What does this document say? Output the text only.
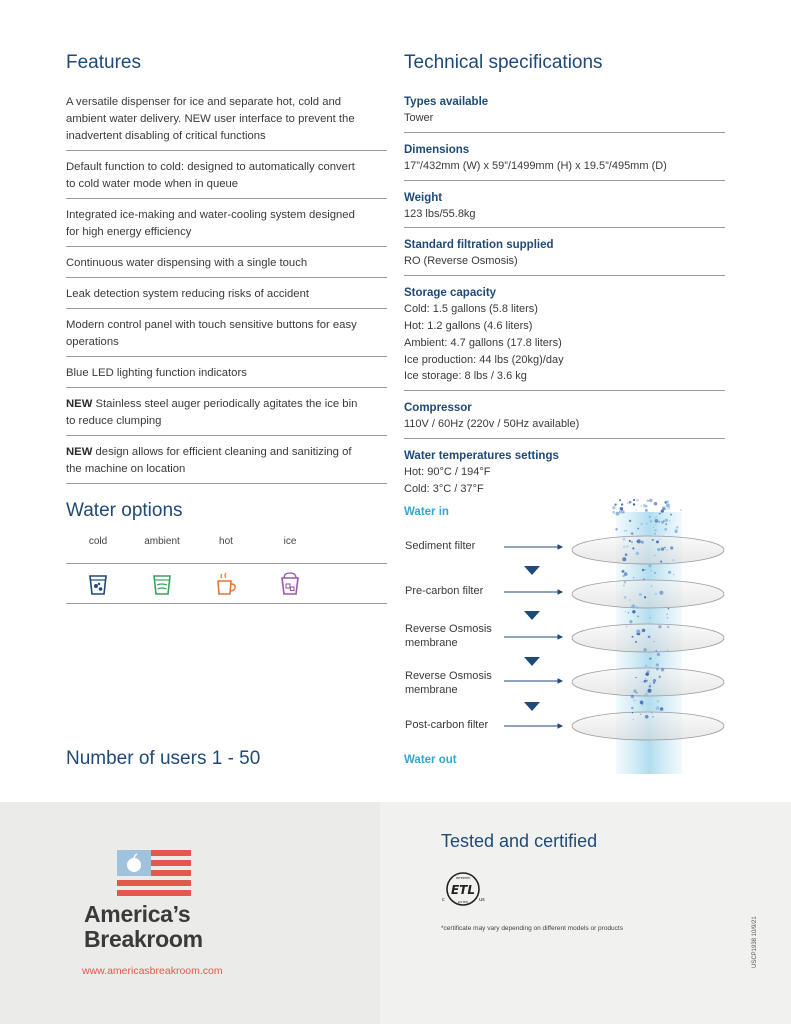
Features
A versatile dispenser for ice and separate hot, cold and ambient water delivery. NEW user interface to prevent the inadvertent disabling of critical functions
Default function to cold: designed to automatically convert to cold water mode when in queue
Integrated ice-making and water-cooling system designed for high energy efficiency
Continuous water dispensing with a single touch
Leak detection system reducing risks of accident
Modern control panel with touch sensitive buttons for easy operations
Blue LED lighting function indicators
NEW Stainless steel auger periodically agitates the ice bin to reduce clumping
NEW design allows for efficient cleaning and sanitizing of the machine on location
Water options
cold	ambient	hot	ice
Number of users 1 - 50
Technical specifications
Types available
Tower
Dimensions
17”/432mm (W) x 59”/1499mm (H) x 19.5”/495mm (D)
Weight
123 lbs/55.8kg
Standard filtration supplied
RO (Reverse Osmosis)
Storage capacity
Cold: 1.5 gallons (5.8 liters)
Hot: 1.2 gallons (4.6 liters)
Ambient: 4.7 gallons (17.8 liters)
Ice production: 44 lbs (20kg)/day
Ice storage: 8 lbs / 3.6 kg
Compressor
110V / 60Hz (220v / 50Hz available)
Water temperatures settings
Hot: 90°C / 194°F
Cold: 3°C / 37°F
Water in
Sediment filter
Pre-carbon filter
Reverse Osmosis
membrane
Reverse Osmosis
membrane
Post-carbon filter
Water out
America’s
Breakroom
www.americasbreakroom.com
Tested and certified
INTERTEK
ETL
LISTED
c	us
*certificate may vary depending on different models or products	USCP1938 10/9/21
